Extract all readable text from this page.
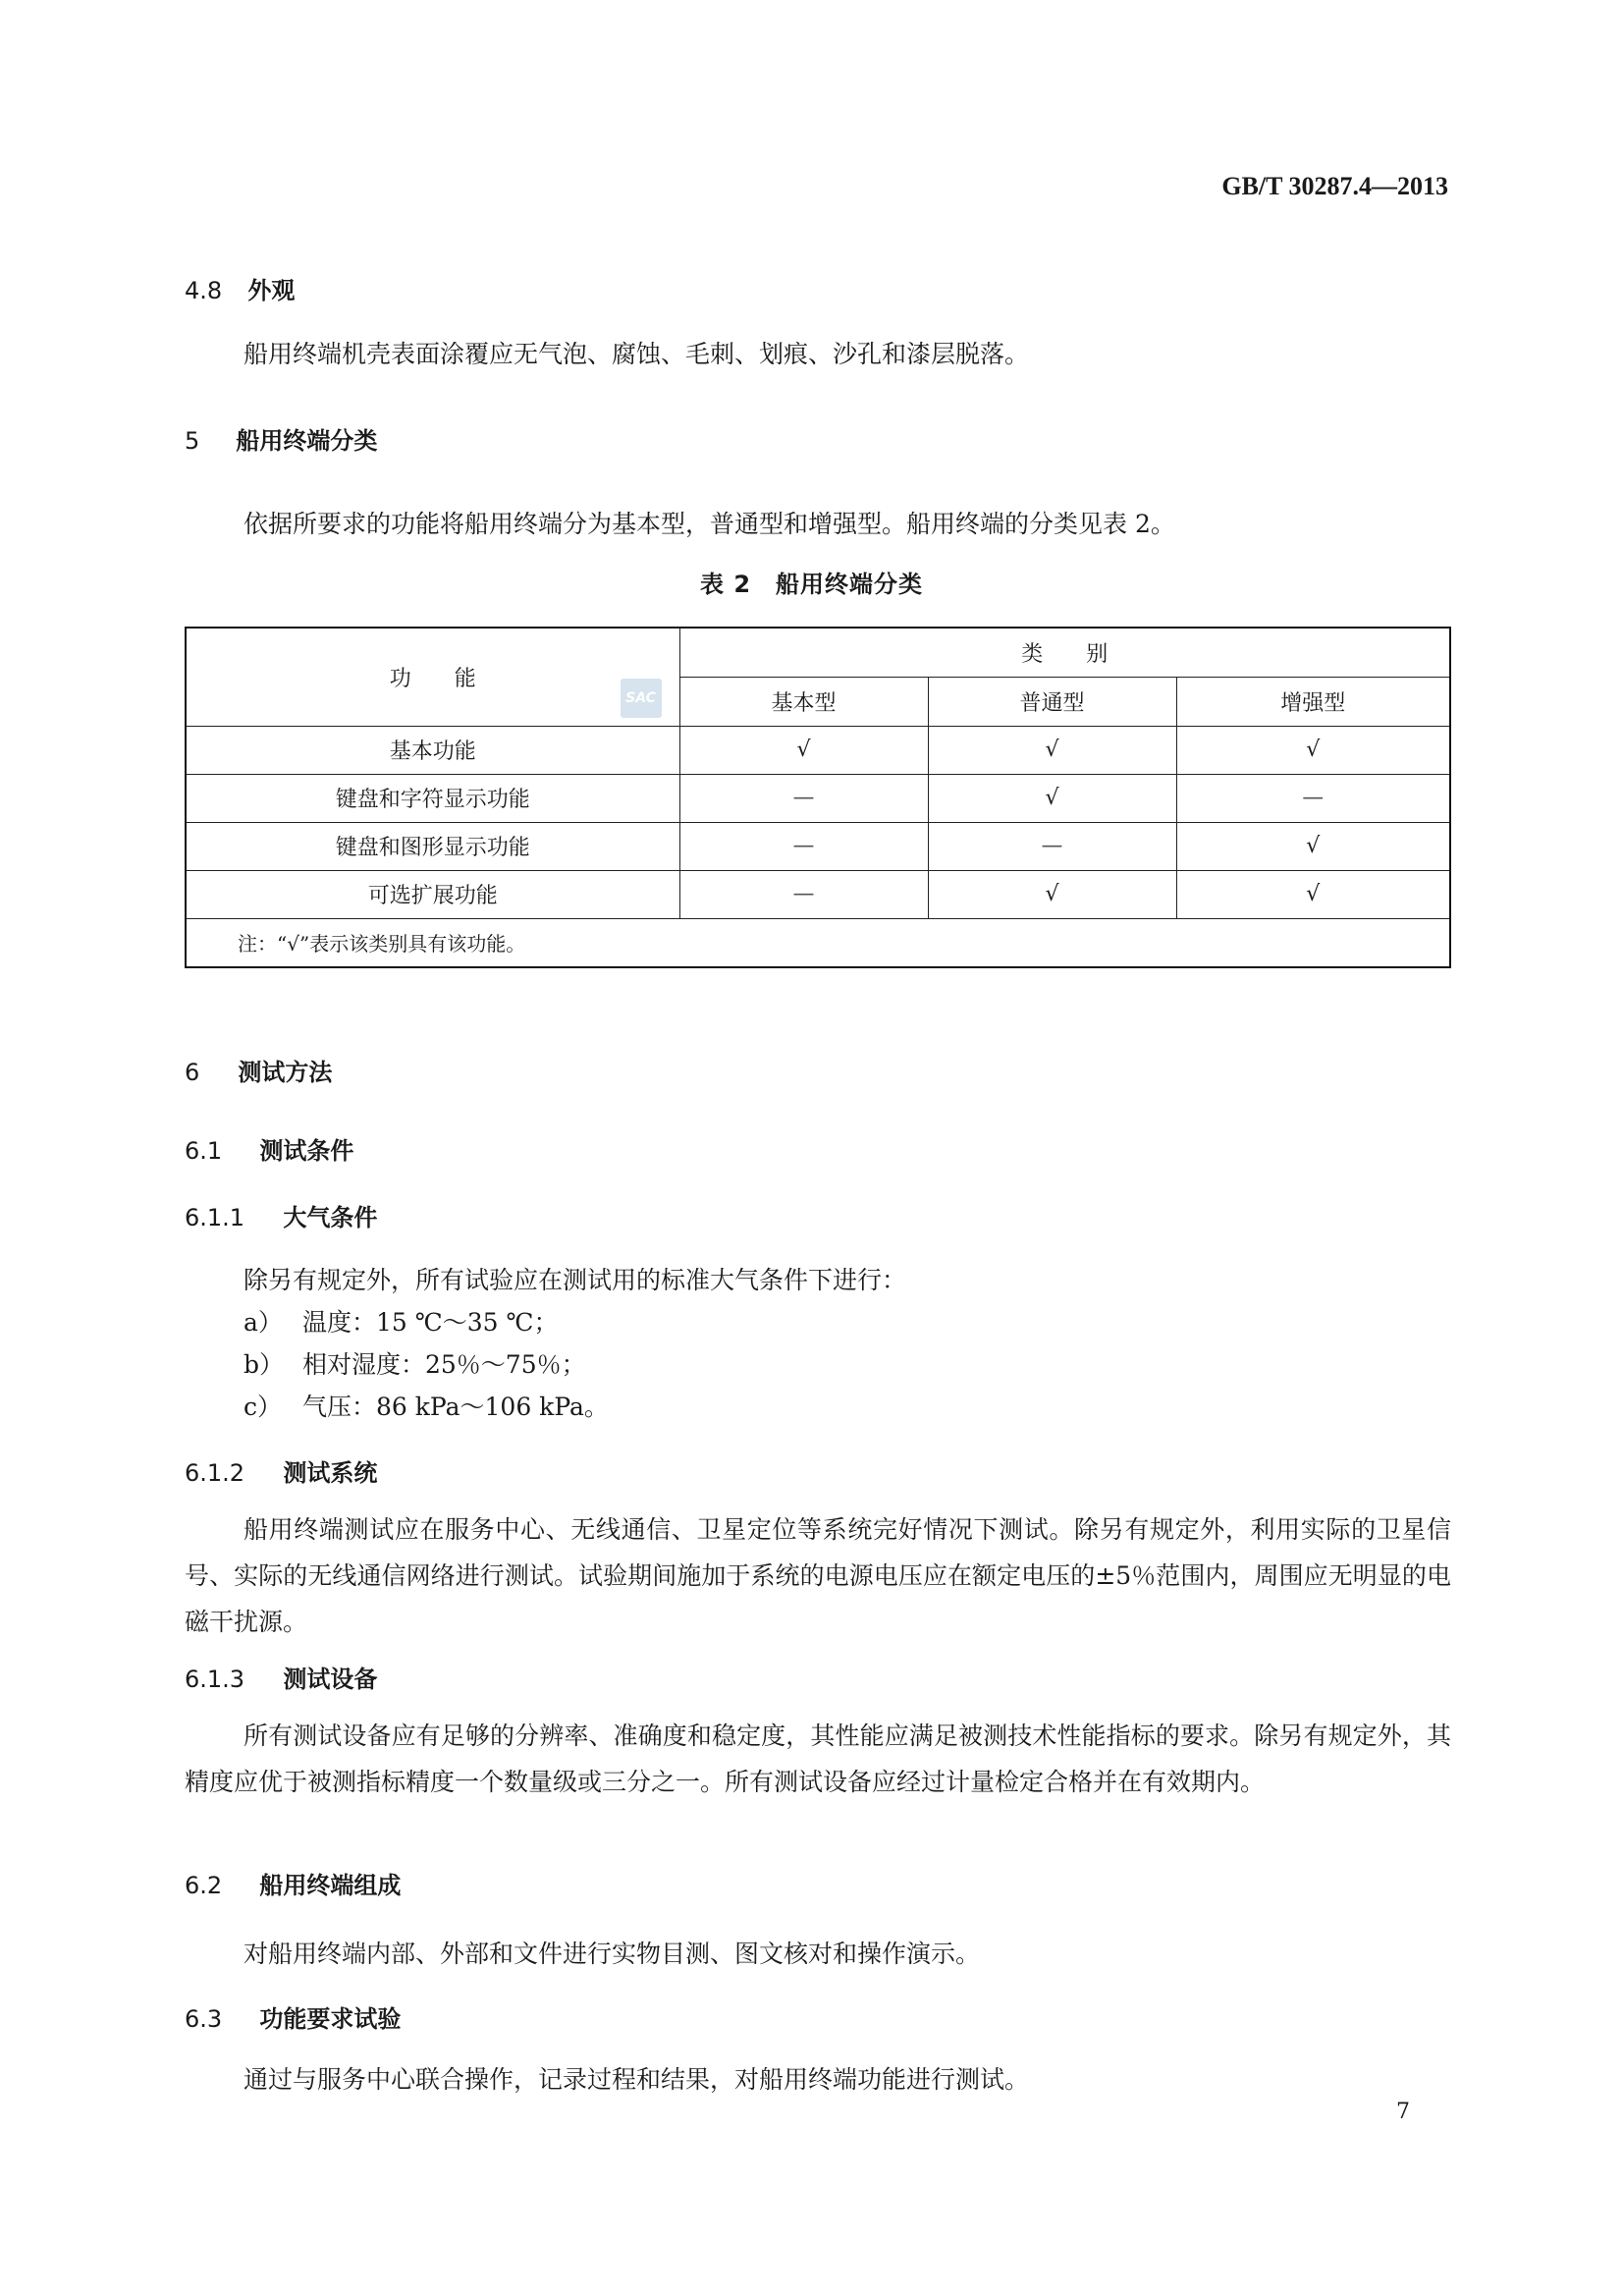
GB/T 30287.4—2013
4.8 外观
船用终端机壳表面涂覆应无气泡、腐蚀、毛刺、划痕、沙孔和漆层脱落。
5 船用终端分类
依据所要求的功能将船用终端分为基本型，普通型和增强型。船用终端的分类见表 2。
表 2　船用终端分类
功　　能
SAC	类　　别		
	基本型	普通型	增强型
基本功能	√	√	√
键盘和字符显示功能	—	√	—
键盘和图形显示功能	—	—	√
可选扩展功能	—	√	√
注：“√”表示该类别具有该功能。			
6 测试方法
6.1 测试条件
6.1.1 大气条件
除另有规定外，所有试验应在测试用的标准大气条件下进行：
a） 温度：15 ℃～35 ℃；
b） 相对湿度：25％～75％；
c） 气压：86 kPa～106 kPa。
6.1.2 测试系统
船用终端测试应在服务中心、无线通信、卫星定位等系统完好情况下测试。除另有规定外，利用实际的卫星信号、实际的无线通信网络进行测试。试验期间施加于系统的电源电压应在额定电压的±5％范围内，周围应无明显的电磁干扰源。
6.1.3 测试设备
所有测试设备应有足够的分辨率、准确度和稳定度，其性能应满足被测技术性能指标的要求。除另有规定外，其精度应优于被测指标精度一个数量级或三分之一。所有测试设备应经过计量检定合格并在有效期内。
6.2 船用终端组成
对船用终端内部、外部和文件进行实物目测、图文核对和操作演示。
6.3 功能要求试验
通过与服务中心联合操作，记录过程和结果，对船用终端功能进行测试。
7
